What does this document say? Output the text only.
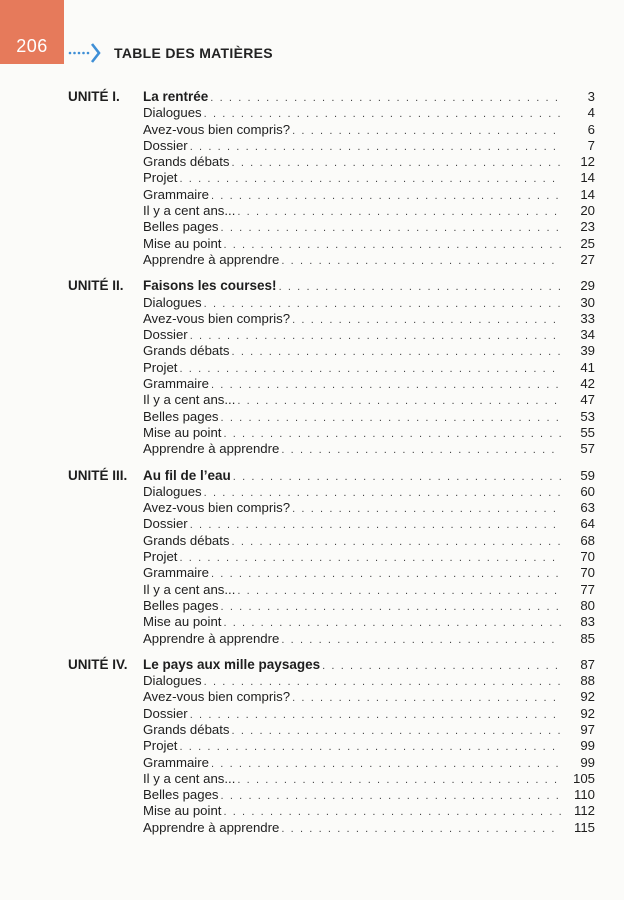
206	TABLE DES MATIÈRES
UNITÉ I.	La rentrée . . .	3
Dialogues . . .	4
Avez-vous bien compris? . . .	6
Dossier . . .	7
Grands débats . . .	12
Projet . . .	14
Grammaire . . .	14
Il y a cent ans... . . .	20
Belles pages . . .	23
Mise au point . . .	25
Apprendre à apprendre . . .	27
UNITÉ II.	Faisons les courses! . . .	29
Dialogues . . .	30
Avez-vous bien compris? . . .	33
Dossier . . .	34
Grands débats . . .	39
Projet . . .	41
Grammaire . . .	42
Il y a cent ans... . . .	47
Belles pages . . .	53
Mise au point . . .	55
Apprendre à apprendre . . .	57
UNITÉ III.	Au fil de l’eau . . .	59
Dialogues . . .	60
Avez-vous bien compris? . . .	63
Dossier . . .	64
Grands débats . . .	68
Projet . . .	70
Grammaire . . .	70
Il y a cent ans... . . .	77
Belles pages . . .	80
Mise au point . . .	83
Apprendre à apprendre . . .	85
UNITÉ IV.	Le pays aux mille paysages . . .	87
Dialogues . . .	88
Avez-vous bien compris? . . .	92
Dossier . . .	92
Grands débats . . .	97
Projet . . .	99
Grammaire . . .	99
Il y a cent ans... . . .	105
Belles pages . . .	110
Mise au point . . .	112
Apprendre à apprendre . . .	115
